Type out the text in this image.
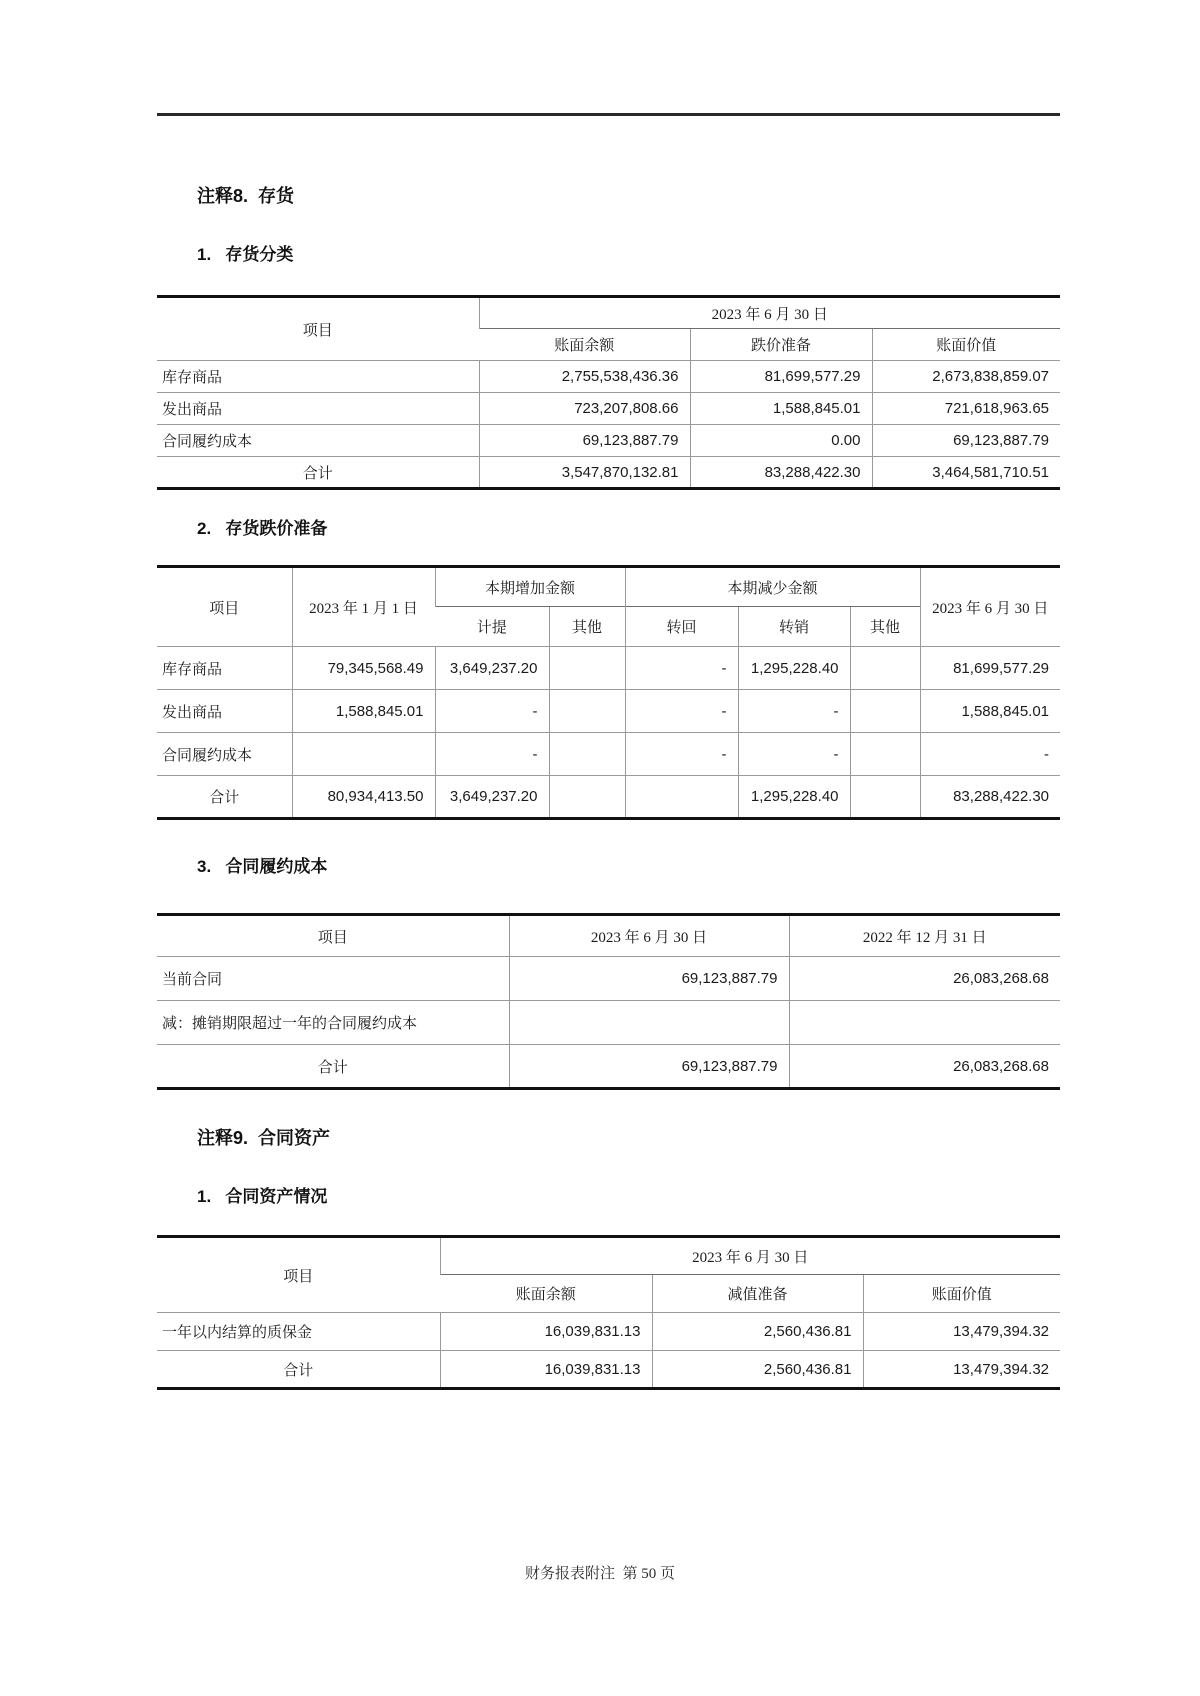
注释8.  存货
1.   存货分类
项目	2023 年 6 月 30 日		
	账面余额	跌价准备	账面价值
库存商品	2,755,538,436.36	81,699,577.29	2,673,838,859.07
发出商品	723,207,808.66	1,588,845.01	721,618,963.65
合同履约成本	69,123,887.79	0.00	69,123,887.79
合计	3,547,870,132.81	83,288,422.30	3,464,581,710.51
2.   存货跌价准备
项目	2023 年 1 月 1 日	本期增加金额		本期减少金额			2023 年 6 月 30 日
		计提	其他	转回	转销	其他	
库存商品	79,345,568.49	3,649,237.20		-	1,295,228.40		81,699,577.29
发出商品	1,588,845.01	-		-	-		1,588,845.01
合同履约成本		-		-	-		-
合计	80,934,413.50	3,649,237.20			1,295,228.40		83,288,422.30
3.   合同履约成本
项目	2023 年 6 月 30 日	2022 年 12 月 31 日
当前合同	69,123,887.79	26,083,268.68
减：摊销期限超过一年的合同履约成本		
合计	69,123,887.79	26,083,268.68
注释9.  合同资产
1.   合同资产情况
项目	2023 年 6 月 30 日		
	账面余额	减值准备	账面价值
一年以内结算的质保金	16,039,831.13	2,560,436.81	13,479,394.32
合计	16,039,831.13	2,560,436.81	13,479,394.32
财务报表附注  第 50 页
